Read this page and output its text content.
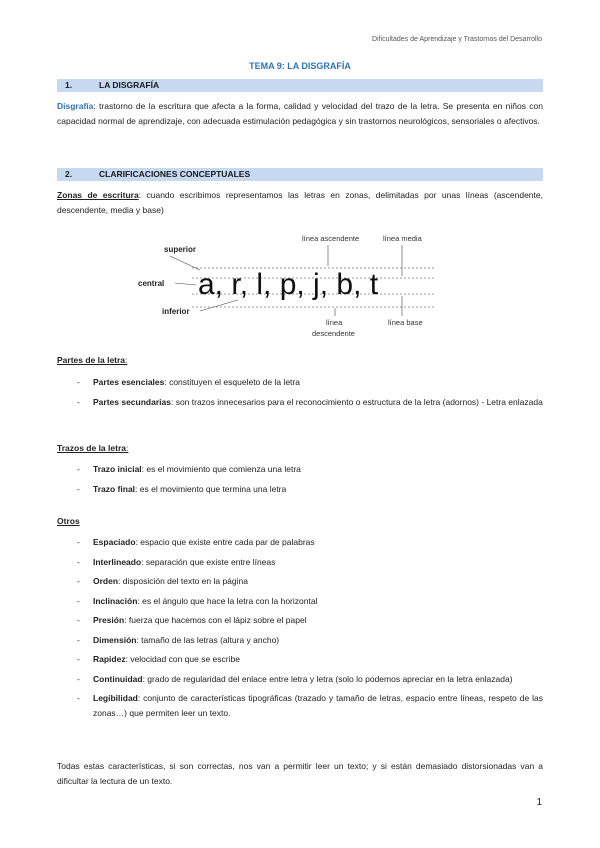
Dificultades de Aprendizaje y Trastornos del Desarrollo
TEMA 9: LA DISGRAFÍA
1.	LA DISGRAFÍA
Disgrafía: trastorno de la escritura que afecta a la forma, calidad y velocidad del trazo de la letra. Se presenta en niños con capacidad normal de aprendizaje, con adecuada estimulación pedagógica y sin trastornos neurológicos, sensoriales o afectivos.
2.	CLARIFICACIONES CONCEPTUALES
Zonas de escritura: cuando escribimos representamos las letras en zonas, delimitadas por unas líneas (ascendente, descendente, media y base)
a, r, l, p, j, b, t
superior
central
inferior
línea ascendente	línea media
línea
descendente
línea base
Partes de la letra:
- Partes esenciales: constituyen el esqueleto de la letra
- Partes secundarias: son trazos innecesarios para el reconocimiento o estructura de la letra (adornos) - Letra enlazada
Trazos de la letra:
- Trazo inicial: es el movimiento que comienza una letra
- Trazo final: es el movimiento que termina una letra
Otros
- Espaciado: espacio que existe entre cada par de palabras
- Interlineado: separación que existe entre líneas
- Orden: disposición del texto en la página
- Inclinación: es el ángulo que hace la letra con la horizontal
- Presión: fuerza que hacemos con el lápiz sobre el papel
- Dimensión: tamaño de las letras (altura y ancho)
- Rapidez: velocidad con que se escribe
- Continuidad: grado de regularidad del enlace entre letra y letra (solo lo podemos apreciar en la letra enlazada)
- Legibilidad: conjunto de características tipográficas (trazado y tamaño de letras, espacio entre líneas, respeto de las zonas…) que permiten leer un texto.
Todas estas características, si son correctas, nos van a permitir leer un texto; y si están demasiado distorsionadas van a dificultar la lectura de un texto.
1
